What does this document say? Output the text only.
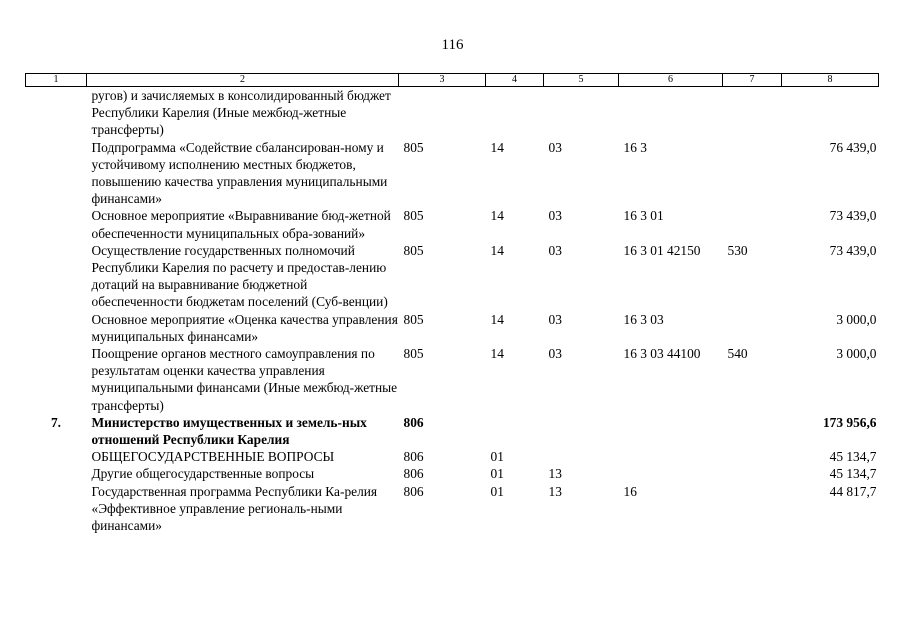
116
1	2	3	4	5	6	7	8
	ругов) и зачисляемых в консолидированный бюджет Республики Карелия (Иные межбюд-жетные трансферты)						
	Подпрограмма «Содействие сбалансирован-ному и устойчивому исполнению местных бюджетов, повышению качества управления муниципальными финансами»	805	14	03	16 3		76 439,0
	Основное мероприятие «Выравнивание бюд-жетной обеспеченности муниципальных обра-зований»	805	14	03	16 3 01		73 439,0
	Осуществление государственных полномочий Республики Карелия по расчету и предостав-лению дотаций на выравнивание бюджетной обеспеченности бюджетам поселений (Суб-венции)	805	14	03	16 3 01 42150	530	73 439,0
	Основное мероприятие «Оценка качества управления муниципальных финансами»	805	14	03	16 3 03		3 000,0
	Поощрение органов местного самоуправления по результатам оценки качества управления муниципальными финансами (Иные межбюд-жетные трансферты)	805	14	03	16 3 03 44100	540	3 000,0
7.	Министерство имущественных и земель-ных отношений Республики Карелия	806					173 956,6
	ОБЩЕГОСУДАРСТВЕННЫЕ ВОПРОСЫ	806	01				45 134,7
	Другие общегосударственные вопросы	806	01	13			45 134,7
	Государственная программа Республики Ка-релия «Эффективное управление региональ-ными финансами»	806	01	13	16		44 817,7
